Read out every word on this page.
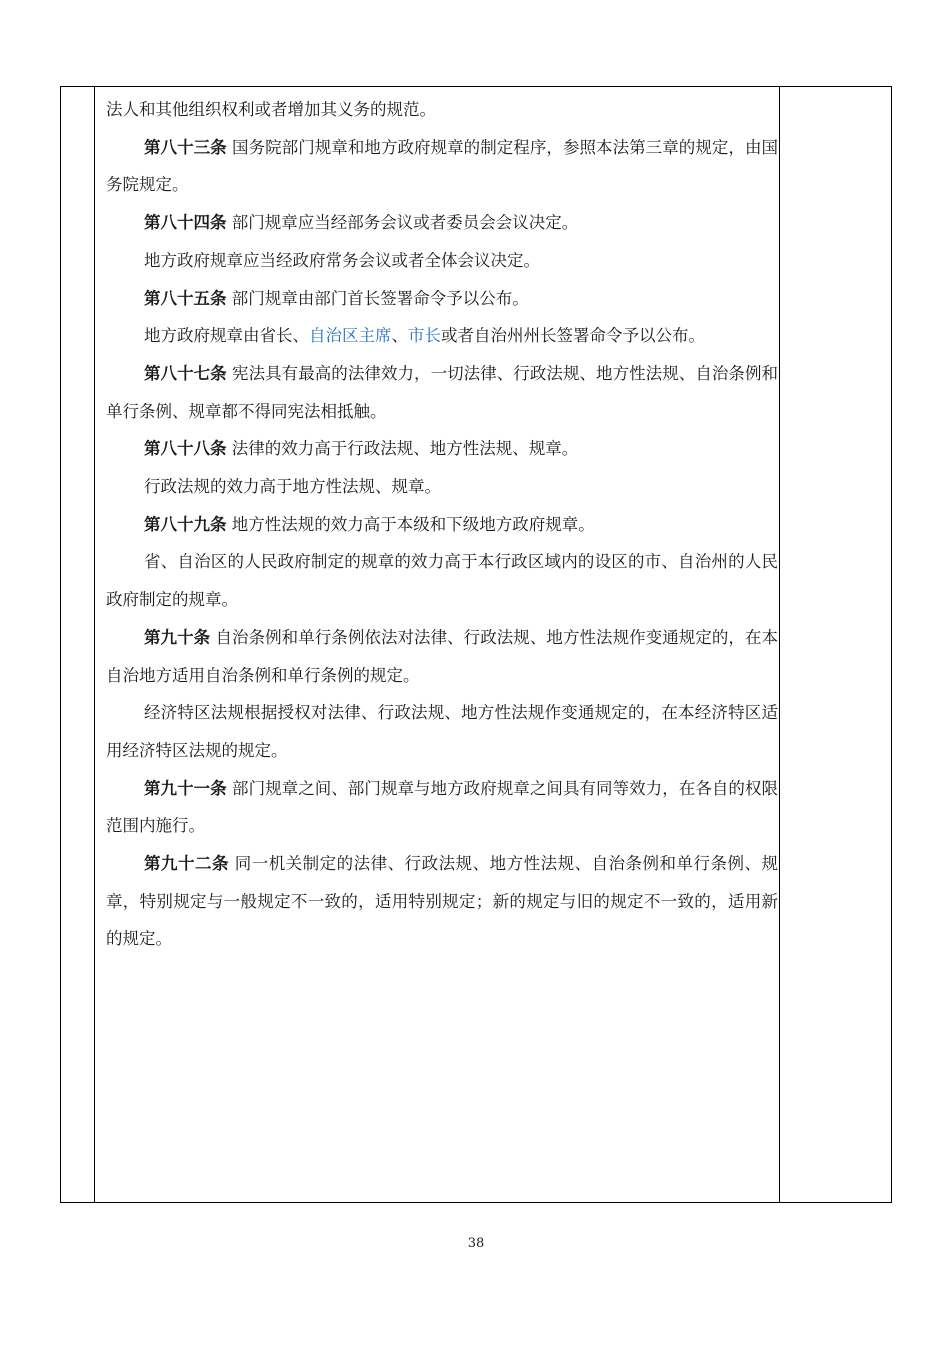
法人和其他组织权利或者增加其义务的规范。

第八十三条 国务院部门规章和地方政府规章的制定程序，参照本法第三章的规定，由国务院规定。

第八十四条 部门规章应当经部务会议或者委员会会议决定。

地方政府规章应当经政府常务会议或者全体会议决定。

第八十五条 部门规章由部门首长签署命令予以公布。

地方政府规章由省长、自治区主席、市长或者自治州州长签署命令予以公布。

第八十七条 宪法具有最高的法律效力，一切法律、行政法规、地方性法规、自治条例和单行条例、规章都不得同宪法相抵触。

第八十八条 法律的效力高于行政法规、地方性法规、规章。

行政法规的效力高于地方性法规、规章。

第八十九条 地方性法规的效力高于本级和下级地方政府规章。

省、自治区的人民政府制定的规章的效力高于本行政区域内的设区的市、自治州的人民政府制定的规章。

第九十条 自治条例和单行条例依法对法律、行政法规、地方性法规作变通规定的，在本自治地方适用自治条例和单行条例的规定。

经济特区法规根据授权对法律、行政法规、地方性法规作变通规定的，在本经济特区适用经济特区法规的规定。

第九十一条 部门规章之间、部门规章与地方政府规章之间具有同等效力，在各自的权限范围内施行。

第九十二条 同一机关制定的法律、行政法规、地方性法规、自治条例和单行条例、规章，特别规定与一般规定不一致的，适用特别规定；新的规定与旧的规定不一致的，适用新的规定。

38
